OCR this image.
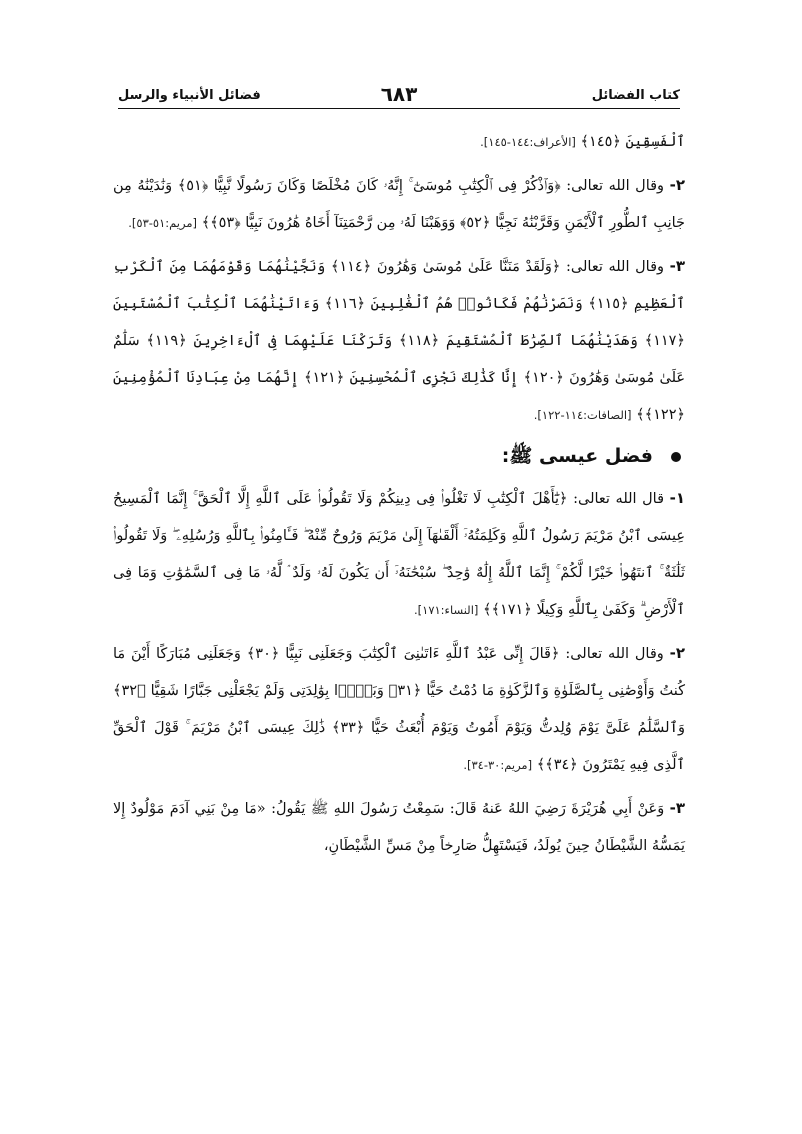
كتاب الفضائل
٦٨٣
فضائل الأنبياء والرسل

ٱلْفَسِقِينَ ﴿١٤٥﴾ [الأعراف:١٤٤-١٤٥].

٢- وقال الله تعالى: ﴿وَٱذْكُرْ فِى ٱلْكِتَٰبِ مُوسَىٰٓ ۚ إِنَّهُۥ كَانَ مُخْلَصًا وَكَانَ رَسُولًا نَّبِيًّا ﴿٥١﴾ وَنَٰدَيْنَٰهُ مِن جَانِبِ ٱلطُّورِ ٱلْأَيْمَنِ وَقَرَّبْنَٰهُ نَجِيًّا ﴿٥٢﴾ وَوَهَبْنَا لَهُۥ مِن رَّحْمَتِنَآ أَخَاهُ هَٰرُونَ نَبِيًّا ﴿٥٣﴾﴾ [مريم:٥١-٥٣].

٣- وقال الله تعالى: ﴿وَلَقَدْ مَنَنَّا عَلَىٰ مُوسَىٰ وَهَٰرُونَ ﴿١١٤﴾ وَنَجَّيْنَٰهُمَا وَقَوْمَهُمَا مِنَ ٱلْكَرْبِ ٱلْعَظِيمِ ﴿١١٥﴾ وَنَصَرْنَٰهُمْ فَكَانُوا۟ هُمُ ٱلْغَٰلِبِينَ ﴿١١٦﴾ وَءَاتَيْنَٰهُمَا ٱلْكِتَٰبَ ٱلْمُسْتَبِينَ ﴿١١٧﴾ وَهَدَيْنَٰهُمَا ٱلصِّرَٰطَ ٱلْمُسْتَقِيمَ ﴿١١٨﴾ وَتَرَكْنَا عَلَيْهِمَا فِى ٱلْءَاخِرِينَ ﴿١١٩﴾ سَلَٰمٌ عَلَىٰ مُوسَىٰ وَهَٰرُونَ ﴿١٢٠﴾ إِنَّا كَذَٰلِكَ نَجْزِى ٱلْمُحْسِنِينَ ﴿١٢١﴾ إِنَّهُمَا مِنْ عِبَادِنَا ٱلْمُؤْمِنِينَ ﴿١٢٢﴾﴾ [الصافات:١١٤-١٢٢].

فضل عيسى ﷺ:

١- قال الله تعالى: ﴿يَٰٓأَهْلَ ٱلْكِتَٰبِ لَا تَغْلُوا۟ فِى دِينِكُمْ وَلَا تَقُولُوا۟ عَلَى ٱللَّهِ إِلَّا ٱلْحَقَّ ۚ إِنَّمَا ٱلْمَسِيحُ عِيسَى ٱبْنُ مَرْيَمَ رَسُولُ ٱللَّهِ وَكَلِمَتُهُۥٓ أَلْقَىٰهَآ إِلَىٰ مَرْيَمَ وَرُوحٌ مِّنْهُ ۖ فَـَٔامِنُوا۟ بِٱللَّهِ وَرُسُلِهِۦ ۖ وَلَا تَقُولُوا۟ ثَلَٰثَةٌ ۚ ٱنتَهُوا۟ خَيْرًا لَّكُمْ ۚ إِنَّمَا ٱللَّهُ إِلَٰهٌ وَٰحِدٌ ۖ سُبْحَٰنَهُۥٓ أَن يَكُونَ لَهُۥ وَلَدٌ ۘ لَّهُۥ مَا فِى ٱلسَّمَٰوَٰتِ وَمَا فِى ٱلْأَرْضِ ۗ وَكَفَىٰ بِٱللَّهِ وَكِيلًا ﴿١٧١﴾﴾ [النساء:١٧١].

٢- وقال الله تعالى: ﴿قَالَ إِنِّى عَبْدُ ٱللَّهِ ءَاتَىٰنِىَ ٱلْكِتَٰبَ وَجَعَلَنِى نَبِيًّا ﴿٣٠﴾ وَجَعَلَنِى مُبَارَكًا أَيْنَ مَا كُنتُ وَأَوْصَٰنِى بِٱلصَّلَوٰةِ وَٱلزَّكَوٰةِ مَا دُمْتُ حَيًّا ﴿٣١﴾ وَبَرًّۢا بِوَٰلِدَتِى وَلَمْ يَجْعَلْنِى جَبَّارًا شَقِيًّا ﴿٣٢﴾ وَٱلسَّلَٰمُ عَلَىَّ يَوْمَ وُلِدتُّ وَيَوْمَ أَمُوتُ وَيَوْمَ أُبْعَثُ حَيًّا ﴿٣٣﴾ ذَٰلِكَ عِيسَى ٱبْنُ مَرْيَمَ ۚ قَوْلَ ٱلْحَقِّ ٱلَّذِى فِيهِ يَمْتَرُونَ ﴿٣٤﴾﴾ [مريم:٣٠-٣٤].

٣- وَعَنْ أَبِي هُرَيْرَةَ رَضِيَ اللهُ عَنهُ قَالَ: سَمِعْتُ رَسُولَ اللهِ ﷺ يَقُولُ: «مَا مِنْ بَنِي آدَمَ مَوْلُودٌ إِلا يَمَسُّهُ الشَّيْطَانُ حِينَ يُولَدُ، فَيَسْتَهِلُّ صَارِخاً مِنْ مَسِّ الشَّيْطَانِ،
